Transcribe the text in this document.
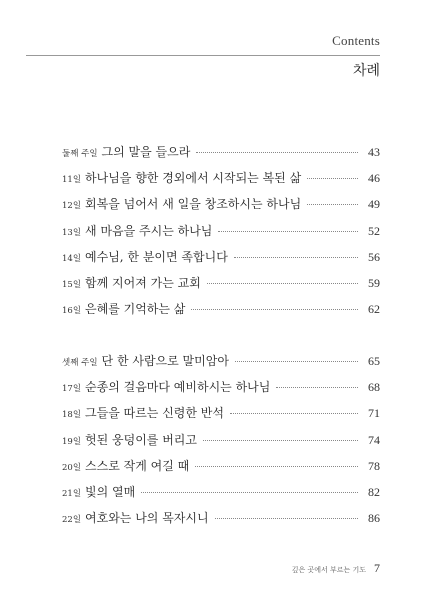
Contents
차례
둘째 주일 그의 말을 들으라	43
11일 하나님을 향한 경외에서 시작되는 복된 삶	46
12일 회복을 넘어서 새 일을 창조하시는 하나님	49
13일 새 마음을 주시는 하나님	52
14일 예수님, 한 분이면 족합니다	56
15일 함께 지어져 가는 교회	59
16일 은혜를 기억하는 삶	62
셋째 주일 단 한 사람으로 말미암아	65
17일 순종의 걸음마다 예비하시는 하나님	68
18일 그들을 따르는 신령한 반석	71
19일 헛된 웅덩이를 버리고	74
20일 스스로 작게 여길 때	78
21일 빛의 열매	82
22일 여호와는 나의 목자시니	86
깊은 곳에서 부르는 기도 7
